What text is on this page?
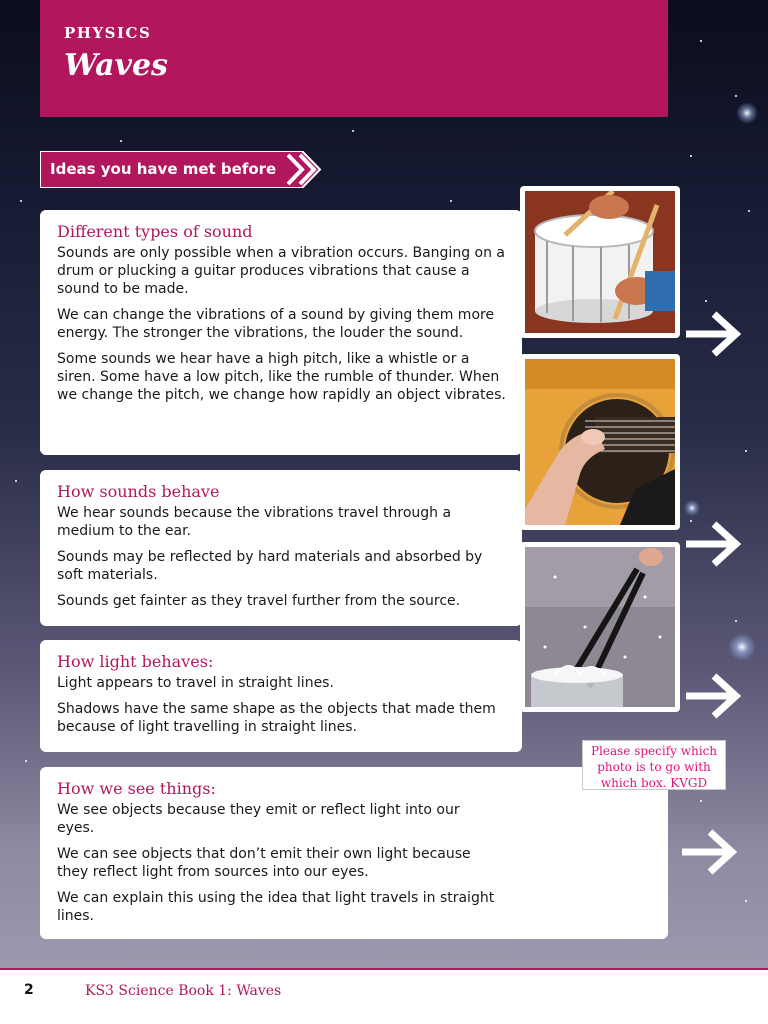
PHYSICS
Waves
Ideas you have met before
Different types of sound

Sounds are only possible when a vibration occurs. Banging on a drum or plucking a guitar produces vibrations that cause a sound to be made.

We can change the vibrations of a sound by giving them more energy. The stronger the vibrations, the louder the sound.

Some sounds we hear have a high pitch, like a whistle or a siren. Some have a low pitch, like the rumble of thunder. When we change the pitch, we change how rapidly an object vibrates.

How sounds behave

We hear sounds because the vibrations travel through a medium to the ear.

Sounds may be reflected by hard materials and absorbed by soft materials.

Sounds get fainter as they travel further from the source.

How light behaves:

Light appears to travel in straight lines.

Shadows have the same shape as the objects that made them because of light travelling in straight lines.

How we see things:

We see objects because they emit or reflect light into our eyes.

We can see objects that don’t emit their own light because they reflect light from sources into our eyes.

We can explain this using the idea that light travels in straight lines.

Please specify which photo is to go with which box. KVGD
2	KS3 Science Book 1: Waves
